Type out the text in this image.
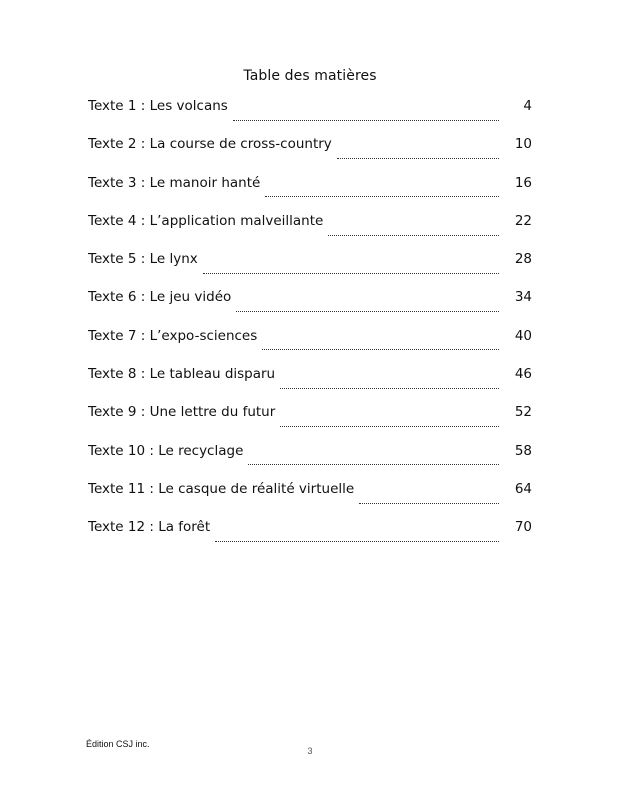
Table des matières
Texte 1 : Les volcans	4
Texte 2 : La course de cross-country	10
Texte 3 : Le manoir hanté	16
Texte 4 : L’application malveillante	22
Texte 5 : Le lynx	28
Texte 6 : Le jeu vidéo	34
Texte 7 : L’expo-sciences	40
Texte 8 : Le tableau disparu	46
Texte 9 : Une lettre du futur	52
Texte 10 : Le recyclage	58
Texte 11 : Le casque de réalité virtuelle	64
Texte 12 : La forêt	70
Édition CSJ inc.
3
